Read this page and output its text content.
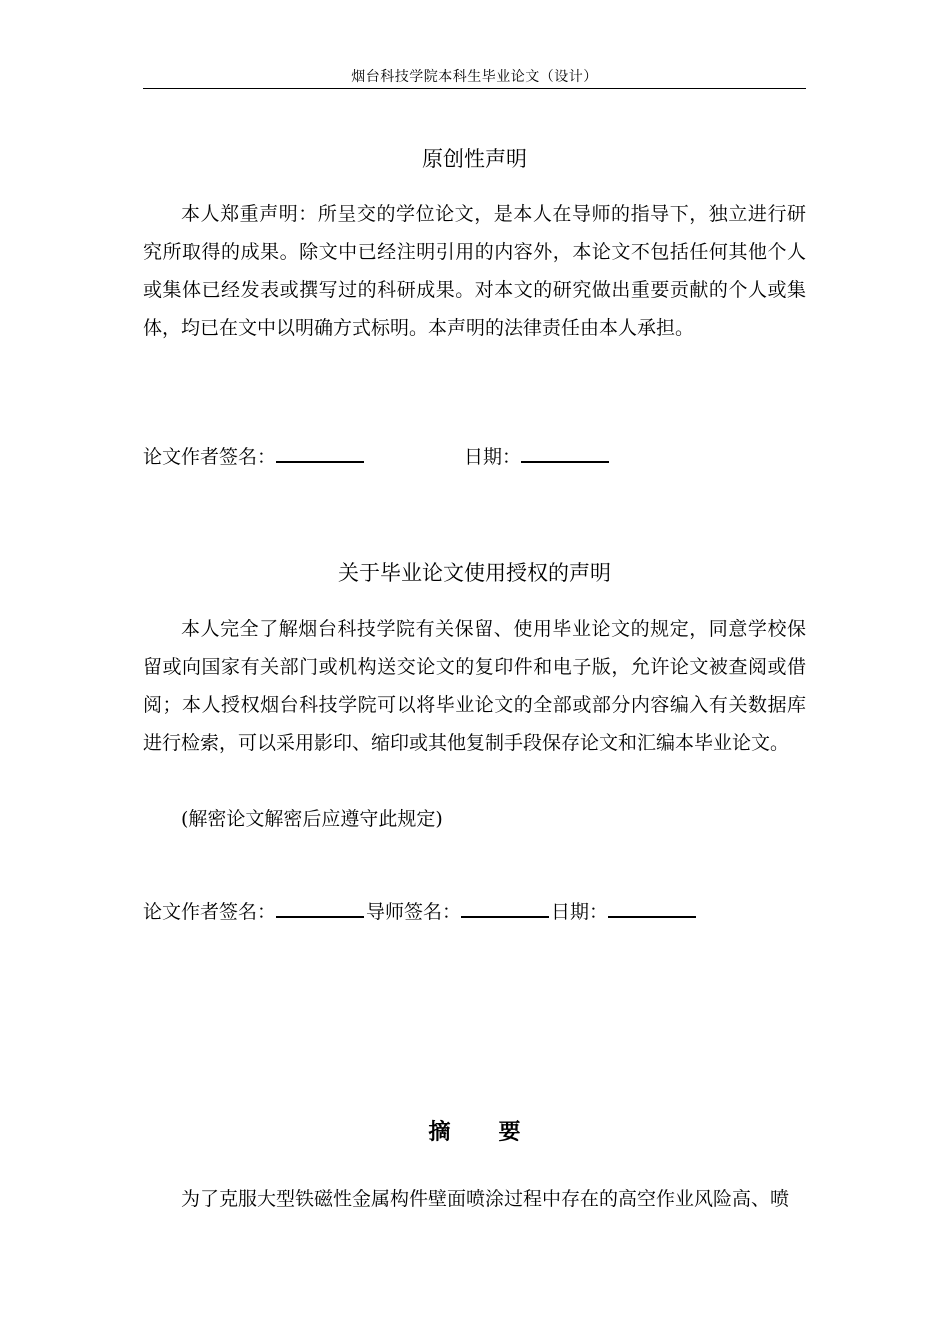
烟台科技学院本科生毕业论文（设计）
原创性声明

本人郑重声明：所呈交的学位论文，是本人在导师的指导下，独立进行研究所取得的成果。除文中已经注明引用的内容外，本论文不包括任何其他个人或集体已经发表或撰写过的科研成果。对本文的研究做出重要贡献的个人或集体，均已在文中以明确方式标明。本声明的法律责任由本人承担。

论文作者签名：	日期：
关于毕业论文使用授权的声明

本人完全了解烟台科技学院有关保留、使用毕业论文的规定，同意学校保留或向国家有关部门或机构送交论文的复印件和电子版，允许论文被查阅或借阅；本人授权烟台科技学院可以将毕业论文的全部或部分内容编入有关数据库进行检索，可以采用影印、缩印或其他复制手段保存论文和汇编本毕业论文。

(解密论文解密后应遵守此规定)

论文作者签名：	导师签名：	日期：
摘要

为了克服大型铁磁性金属构件壁面喷涂过程中存在的高空作业风险高、喷
